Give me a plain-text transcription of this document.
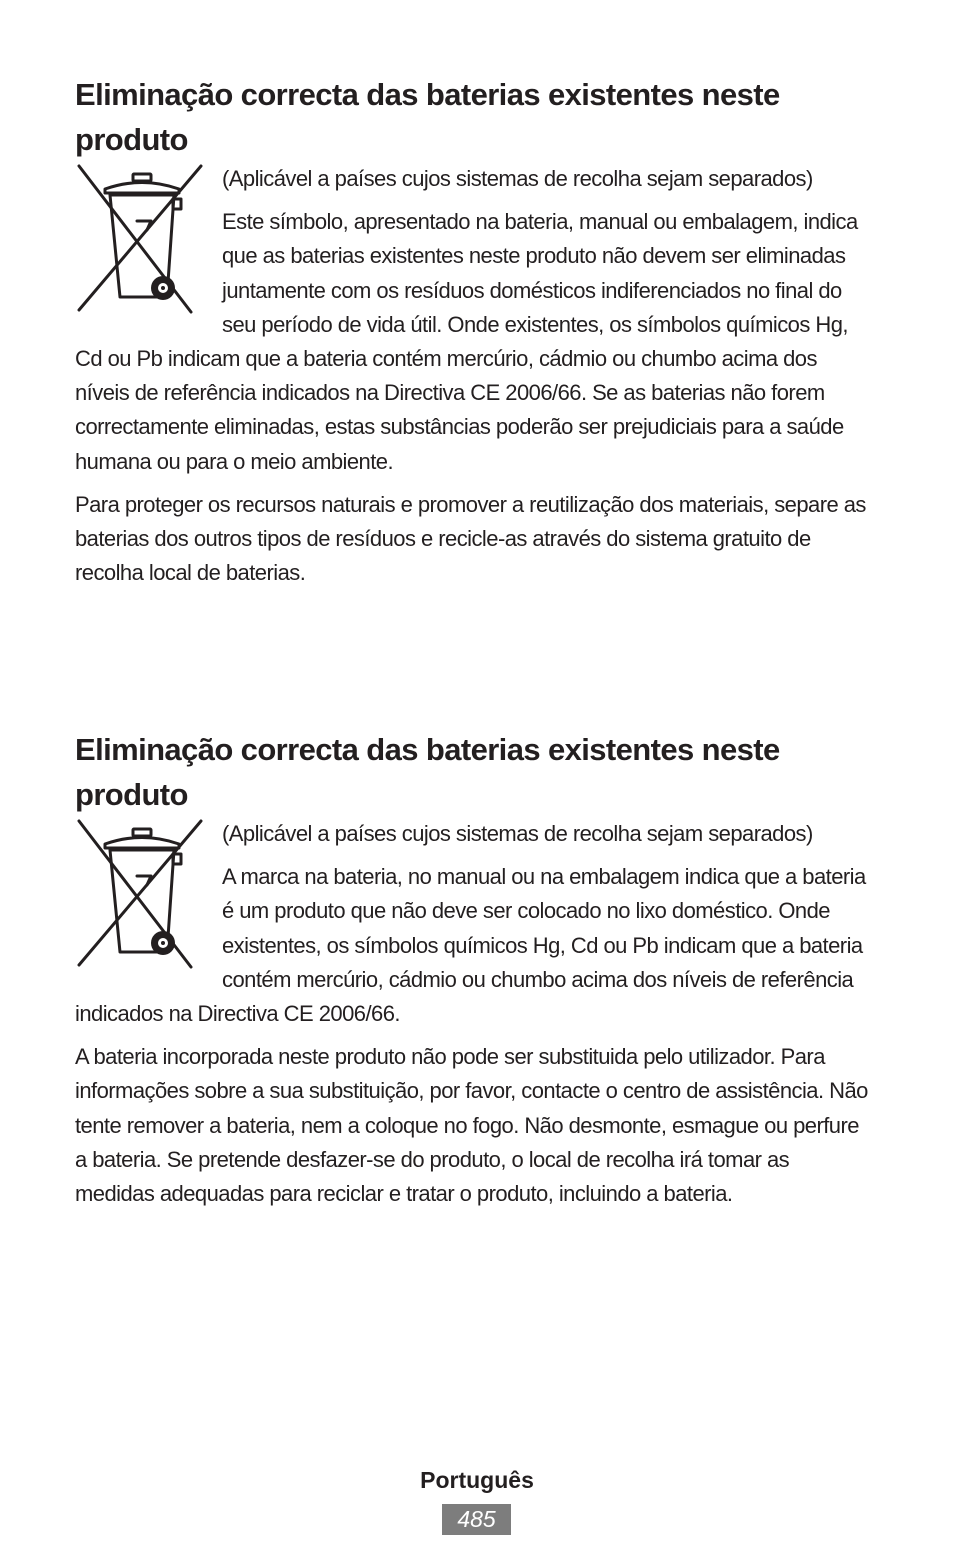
Eliminação correcta das baterias existentes neste produto

(Aplicável a países cujos sistemas de recolha sejam separados)

Este símbolo, apresentado na bateria, manual ou embalagem, indica que as baterias existentes neste produto não devem ser eliminadas juntamente com os resíduos domésticos indiferenciados no final do seu período de vida útil. Onde existentes, os símbolos químicos Hg, Cd ou Pb indicam que a bateria contém mercúrio, cádmio ou chumbo acima dos níveis de referência indicados na Directiva CE 2006/66. Se as baterias não forem correctamente eliminadas, estas substâncias poderão ser prejudiciais para a saúde humana ou para o meio ambiente.

Para proteger os recursos naturais e promover a reutilização dos materiais, separe as baterias dos outros tipos de resíduos e recicle-as através do sistema gratuito de recolha local de baterias.

Eliminação correcta das baterias existentes neste produto

(Aplicável a países cujos sistemas de recolha sejam separados)

A marca na bateria, no manual ou na embalagem indica que a bateria é um produto que não deve ser colocado no lixo doméstico. Onde existentes, os símbolos químicos Hg, Cd ou Pb indicam que a bateria contém mercúrio, cádmio ou chumbo acima dos níveis de referência indicados na Directiva CE 2006/66.

A bateria incorporada neste produto não pode ser substituida pelo utilizador. Para informações sobre a sua substituição, por favor, contacte o centro de assistência. Não tente remover a bateria, nem a coloque no fogo. Não desmonte, esmague ou perfure a bateria. Se pretende desfazer-se do produto, o local de recolha irá tomar as medidas adequadas para reciclar e tratar o produto, incluindo a bateria.

Português
485
